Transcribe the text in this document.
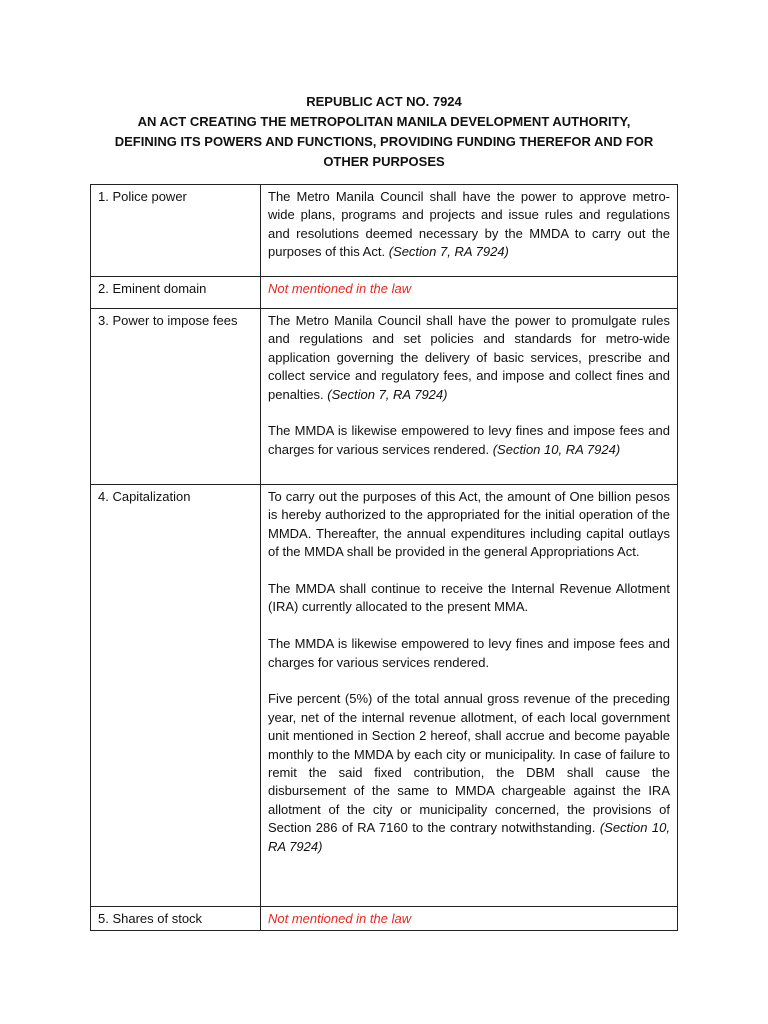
REPUBLIC ACT NO. 7924
AN ACT CREATING THE METROPOLITAN MANILA DEVELOPMENT AUTHORITY,
DEFINING ITS POWERS AND FUNCTIONS, PROVIDING FUNDING THEREFOR AND FOR
OTHER PURPOSES
1. Police power	The Metro Manila Council shall have the power to approve metro-wide plans, programs and projects and issue rules and regulations and resolutions deemed necessary by the MMDA to carry out the purposes of this Act. (Section 7, RA 7924)

2. Eminent domain	Not mentioned in the law
3. Power to impose fees	The Metro Manila Council shall have the power to promulgate rules and regulations and set policies and standards for metro-wide application governing the delivery of basic services, prescribe and collect service and regulatory fees, and impose and collect fines and penalties. (Section 7, RA 7924)

The MMDA is likewise empowered to levy fines and impose fees and charges for various services rendered. (Section 10, RA 7924)

4. Capitalization	To carry out the purposes of this Act, the amount of One billion pesos is hereby authorized to the appropriated for the initial operation of the MMDA. Thereafter, the annual expenditures including capital outlays of the MMDA shall be provided in the general Appropriations Act.

The MMDA shall continue to receive the Internal Revenue Allotment (IRA) currently allocated to the present MMA.

The MMDA is likewise empowered to levy fines and impose fees and charges for various services rendered.

Five percent (5%) of the total annual gross revenue of the preceding year, net of the internal revenue allotment, of each local government unit mentioned in Section 2 hereof, shall accrue and become payable monthly to the MMDA by each city or municipality. In case of failure to remit the said fixed contribution, the DBM shall cause the disbursement of the same to MMDA chargeable against the IRA allotment of the city or municipality concerned, the provisions of Section 286 of RA 7160 to the contrary notwithstanding. (Section 10, RA 7924)

5. Shares of stock	Not mentioned in the law
